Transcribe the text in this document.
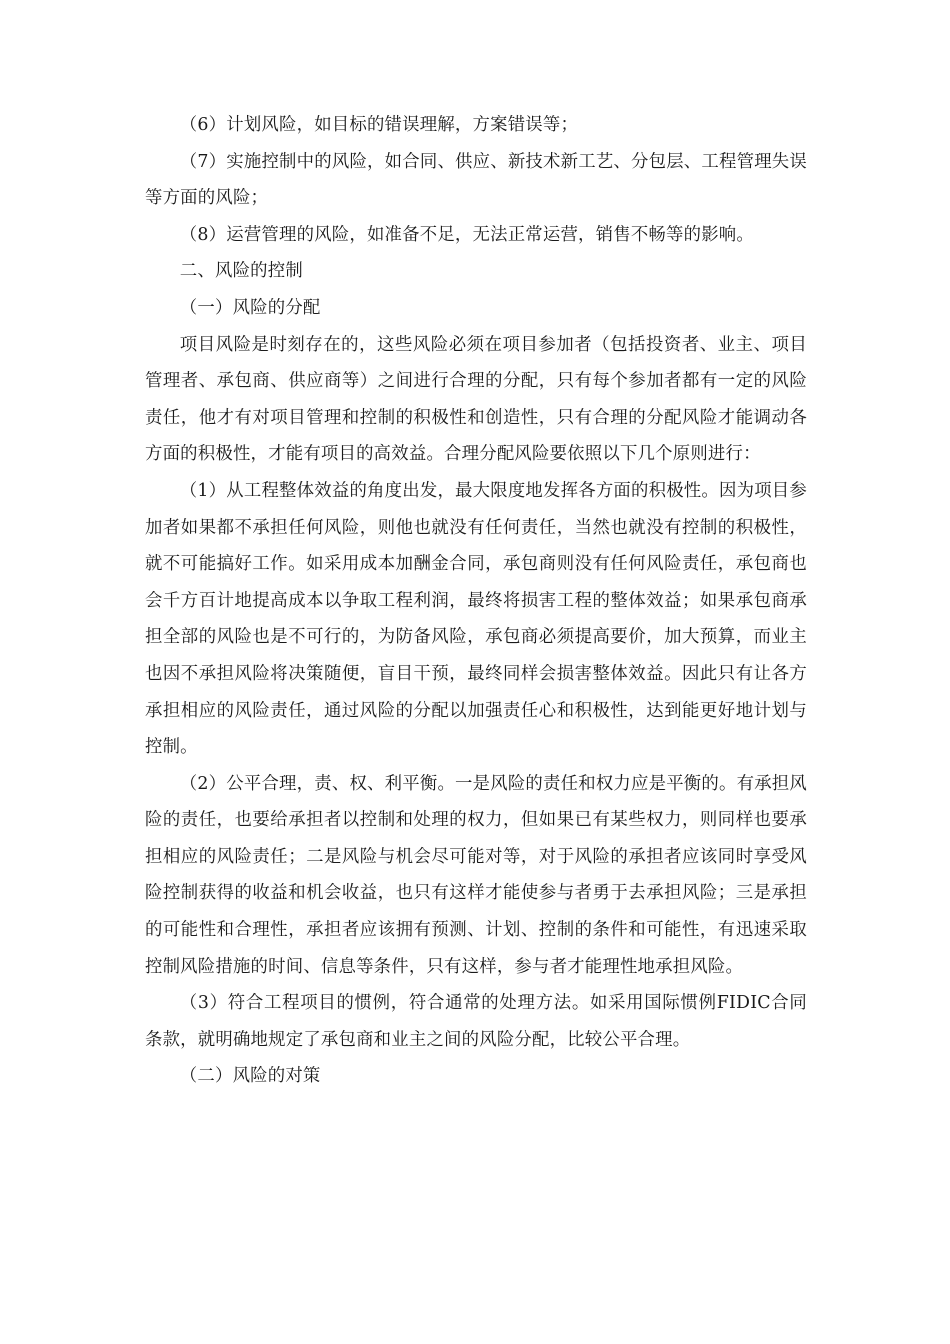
（6）计划风险，如目标的错误理解，方案错误等；

（7）实施控制中的风险，如合同、供应、新技术新工艺、分包层、工程管理失误等方面的风险；

（8）运营管理的风险，如准备不足，无法正常运营，销售不畅等的影响。

二、风险的控制

（一）风险的分配

项目风险是时刻存在的，这些风险必须在项目参加者（包括投资者、业主、项目管理者、承包商、供应商等）之间进行合理的分配，只有每个参加者都有一定的风险责任，他才有对项目管理和控制的积极性和创造性，只有合理的分配风险才能调动各方面的积极性，才能有项目的高效益。合理分配风险要依照以下几个原则进行：

（1）从工程整体效益的角度出发，最大限度地发挥各方面的积极性。因为项目参加者如果都不承担任何风险，则他也就没有任何责任，当然也就没有控制的积极性，就不可能搞好工作。如采用成本加酬金合同，承包商则没有任何风险责任，承包商也会千方百计地提高成本以争取工程利润，最终将损害工程的整体效益；如果承包商承担全部的风险也是不可行的，为防备风险，承包商必须提高要价，加大预算，而业主也因不承担风险将决策随便，盲目干预，最终同样会损害整体效益。因此只有让各方承担相应的风险责任，通过风险的分配以加强责任心和积极性，达到能更好地计划与控制。

（2）公平合理，责、权、利平衡。一是风险的责任和权力应是平衡的。有承担风险的责任，也要给承担者以控制和处理的权力，但如果已有某些权力，则同样也要承担相应的风险责任；二是风险与机会尽可能对等，对于风险的承担者应该同时享受风险控制获得的收益和机会收益，也只有这样才能使参与者勇于去承担风险；三是承担的可能性和合理性，承担者应该拥有预测、计划、控制的条件和可能性，有迅速采取控制风险措施的时间、信息等条件，只有这样，参与者才能理性地承担风险。

（3）符合工程项目的惯例，符合通常的处理方法。如采用国际惯例FIDIC合同条款，就明确地规定了承包商和业主之间的风险分配，比较公平合理。

（二）风险的对策
